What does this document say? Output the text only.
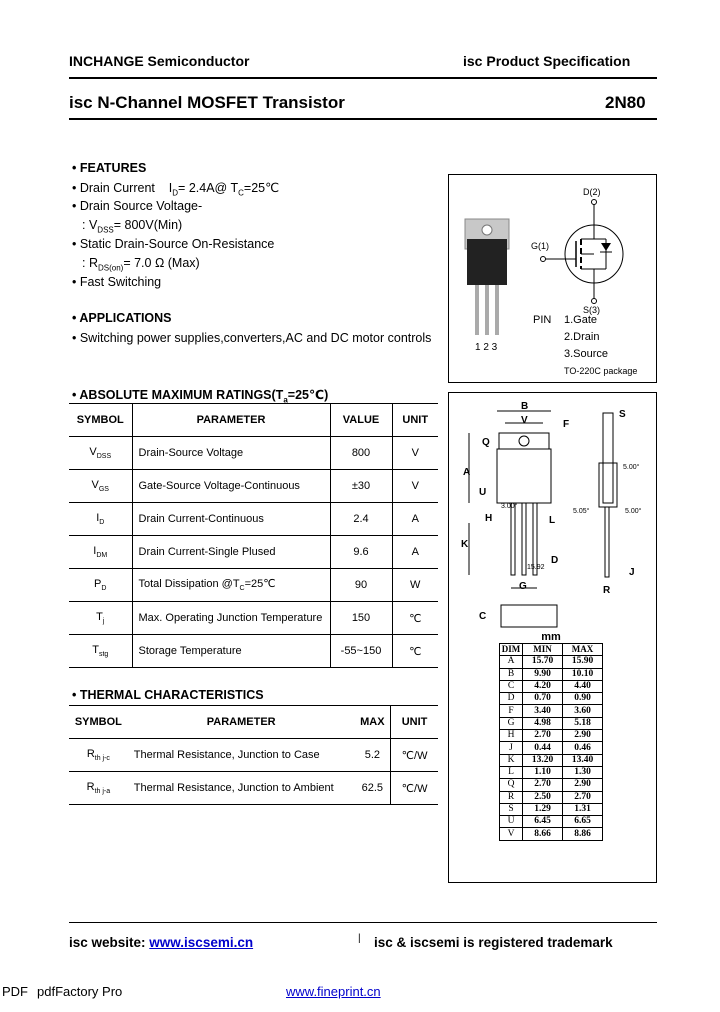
INCHANGE Semiconductor	isc Product Specification
isc N-Channel MOSFET Transistor	2N80
• FEATURES
• Drain Current $I_D=$ 2.4A@ $T_C=25℃$
• Drain Source Voltage-
: $V_{DSS}= 800V(Min)$
• Static Drain-Source On-Resistance
: $R_{DS(on)}= 7.0$ Ω (Max)
• Fast Switching
• APPLICATIONS
• Switching power supplies,converters,AC and DC motor controls
1 2 3
D(2)
G(1)
S(3)
PIN 1.Gate
2.Drain
3.Source
TO-220C package
• ABSOLUTE MAXIMUM $RATINGS(T_a=25℃)$
SYMBOL	PARAMETER	VALUE	UNIT
$V_{DSS}$	Drain-Source Voltage	800	V
$V_{GS}$	Gate-Source Voltage-Continuous	±30	V
$I_D$	Drain Current-Continuous	2.4	A
$I_{DM}$	Drain Current-Single Plused	9.6	A
$P_D$	Total Dissipation $@T_C=25℃$	90	W
$T_j$	Max. Operating Junction Temperature	150	℃
$T_{stg}$	Storage Temperature	-55~150	℃
• THERMAL CHARACTERISTICS
SYMBOL	PARAMETER	MAX	UNIT
$R_{th j-c}$	Thermal Resistance, Junction to Case	5.2	℃/W
$R_{th j-a}$	Thermal Resistance, Junction to Ambient	62.5	℃/W
B
V	F
S
Q
A
U
3.00°
5.00°
5.00°
5.05°
H	L
K
D
15.92
G
J
R
C
mm
DIM	MIN	MAX
A	15.70	15.90
B	9.90	10.10
C	4.20	4.40
D	0.70	0.90
F	3.40	3.60
G	4.98	5.18
H	2.70	2.90
J	0.44	0.46
K	13.20	13.40
L	1.10	1.30
Q	2.70	2.90
R	2.50	2.70
S	1.29	1.31
U	6.45	6.65
V	8.66	8.86
isc website: www.iscsemi.cn	| isc & iscsemi is registered trademark
PDF pdfFactory Pro	www.fineprint.cn
